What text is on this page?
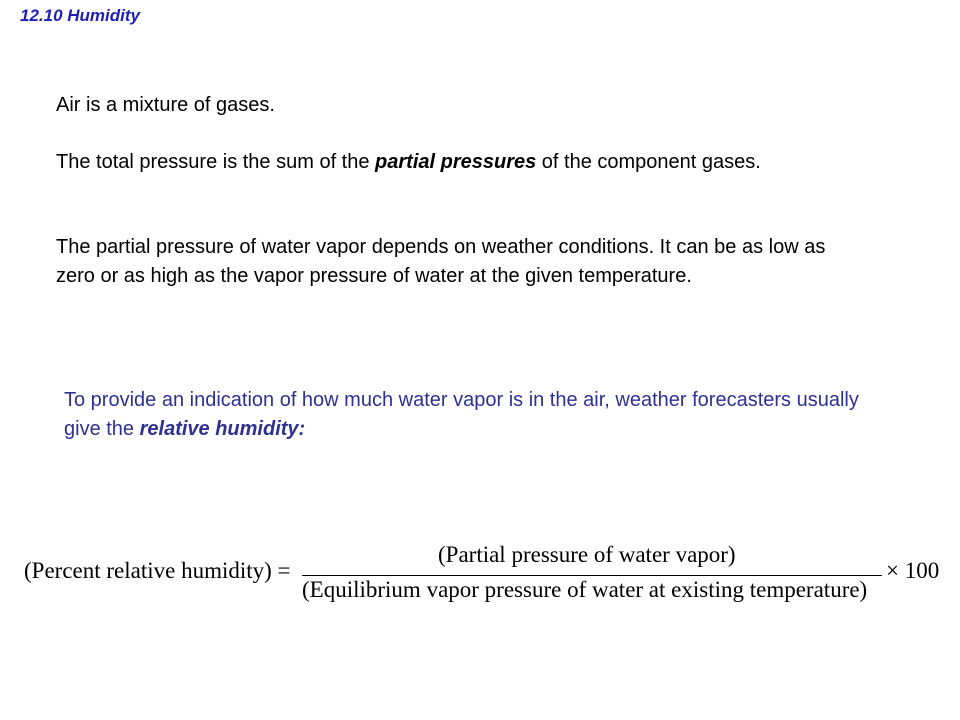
12.10 Humidity

Air is a mixture of gases.

The total pressure is the sum of the partial pressures of the component gases.

The partial pressure of water vapor depends on weather conditions. It can be as low as zero or as high as the vapor pressure of water at the given temperature.

To provide an indication of how much water vapor is in the air, weather forecasters usually give the relative humidity:

(Percent relative humidity) =
(Partial pressure of water vapor)
(Equilibrium vapor pressure of water at existing temperature)
× 100
